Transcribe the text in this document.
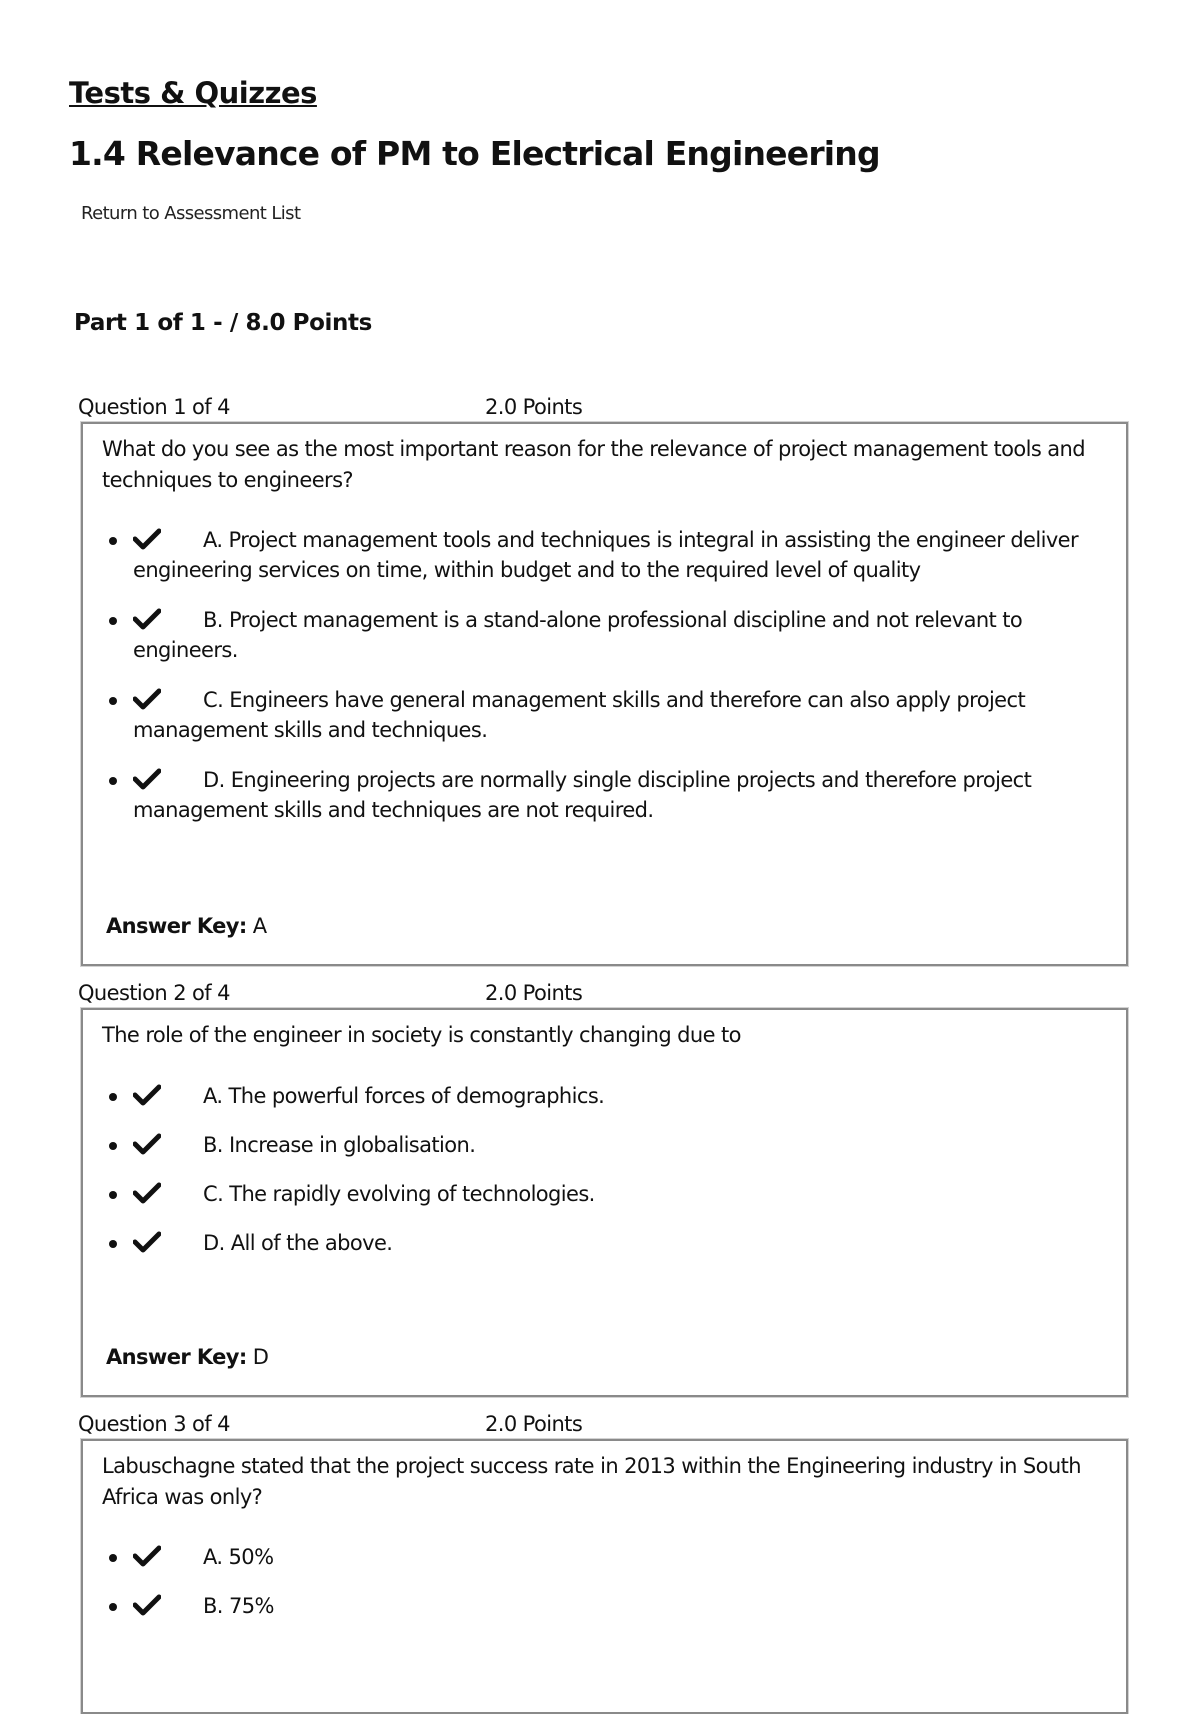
Tests & Quizzes
1.4 Relevance of PM to Electrical Engineering
Return to Assessment List
Part 1 of 1 - / 8.0 Points
Question 1 of 4	2.0 Points

What do you see as the most important reason for the relevance of project management tools and techniques to engineers?

A. Project management tools and techniques is integral in assisting the engineer deliver engineering services on time, within budget and to the required level of quality
B. Project management is a stand-alone professional discipline and not relevant to engineers.
C. Engineers have general management skills and therefore can also apply project management skills and techniques.
D. Engineering projects are normally single discipline projects and therefore project management skills and techniques are not required.
Answer Key: A
Question 2 of 4	2.0 Points

The role of the engineer in society is constantly changing due to

A. The powerful forces of demographics.
B. Increase in globalisation.
C. The rapidly evolving of technologies.
D. All of the above.
Answer Key: D
Question 3 of 4	2.0 Points

Labuschagne stated that the project success rate in 2013 within the Engineering industry in South Africa was only?

A. 50%
B. 75%
